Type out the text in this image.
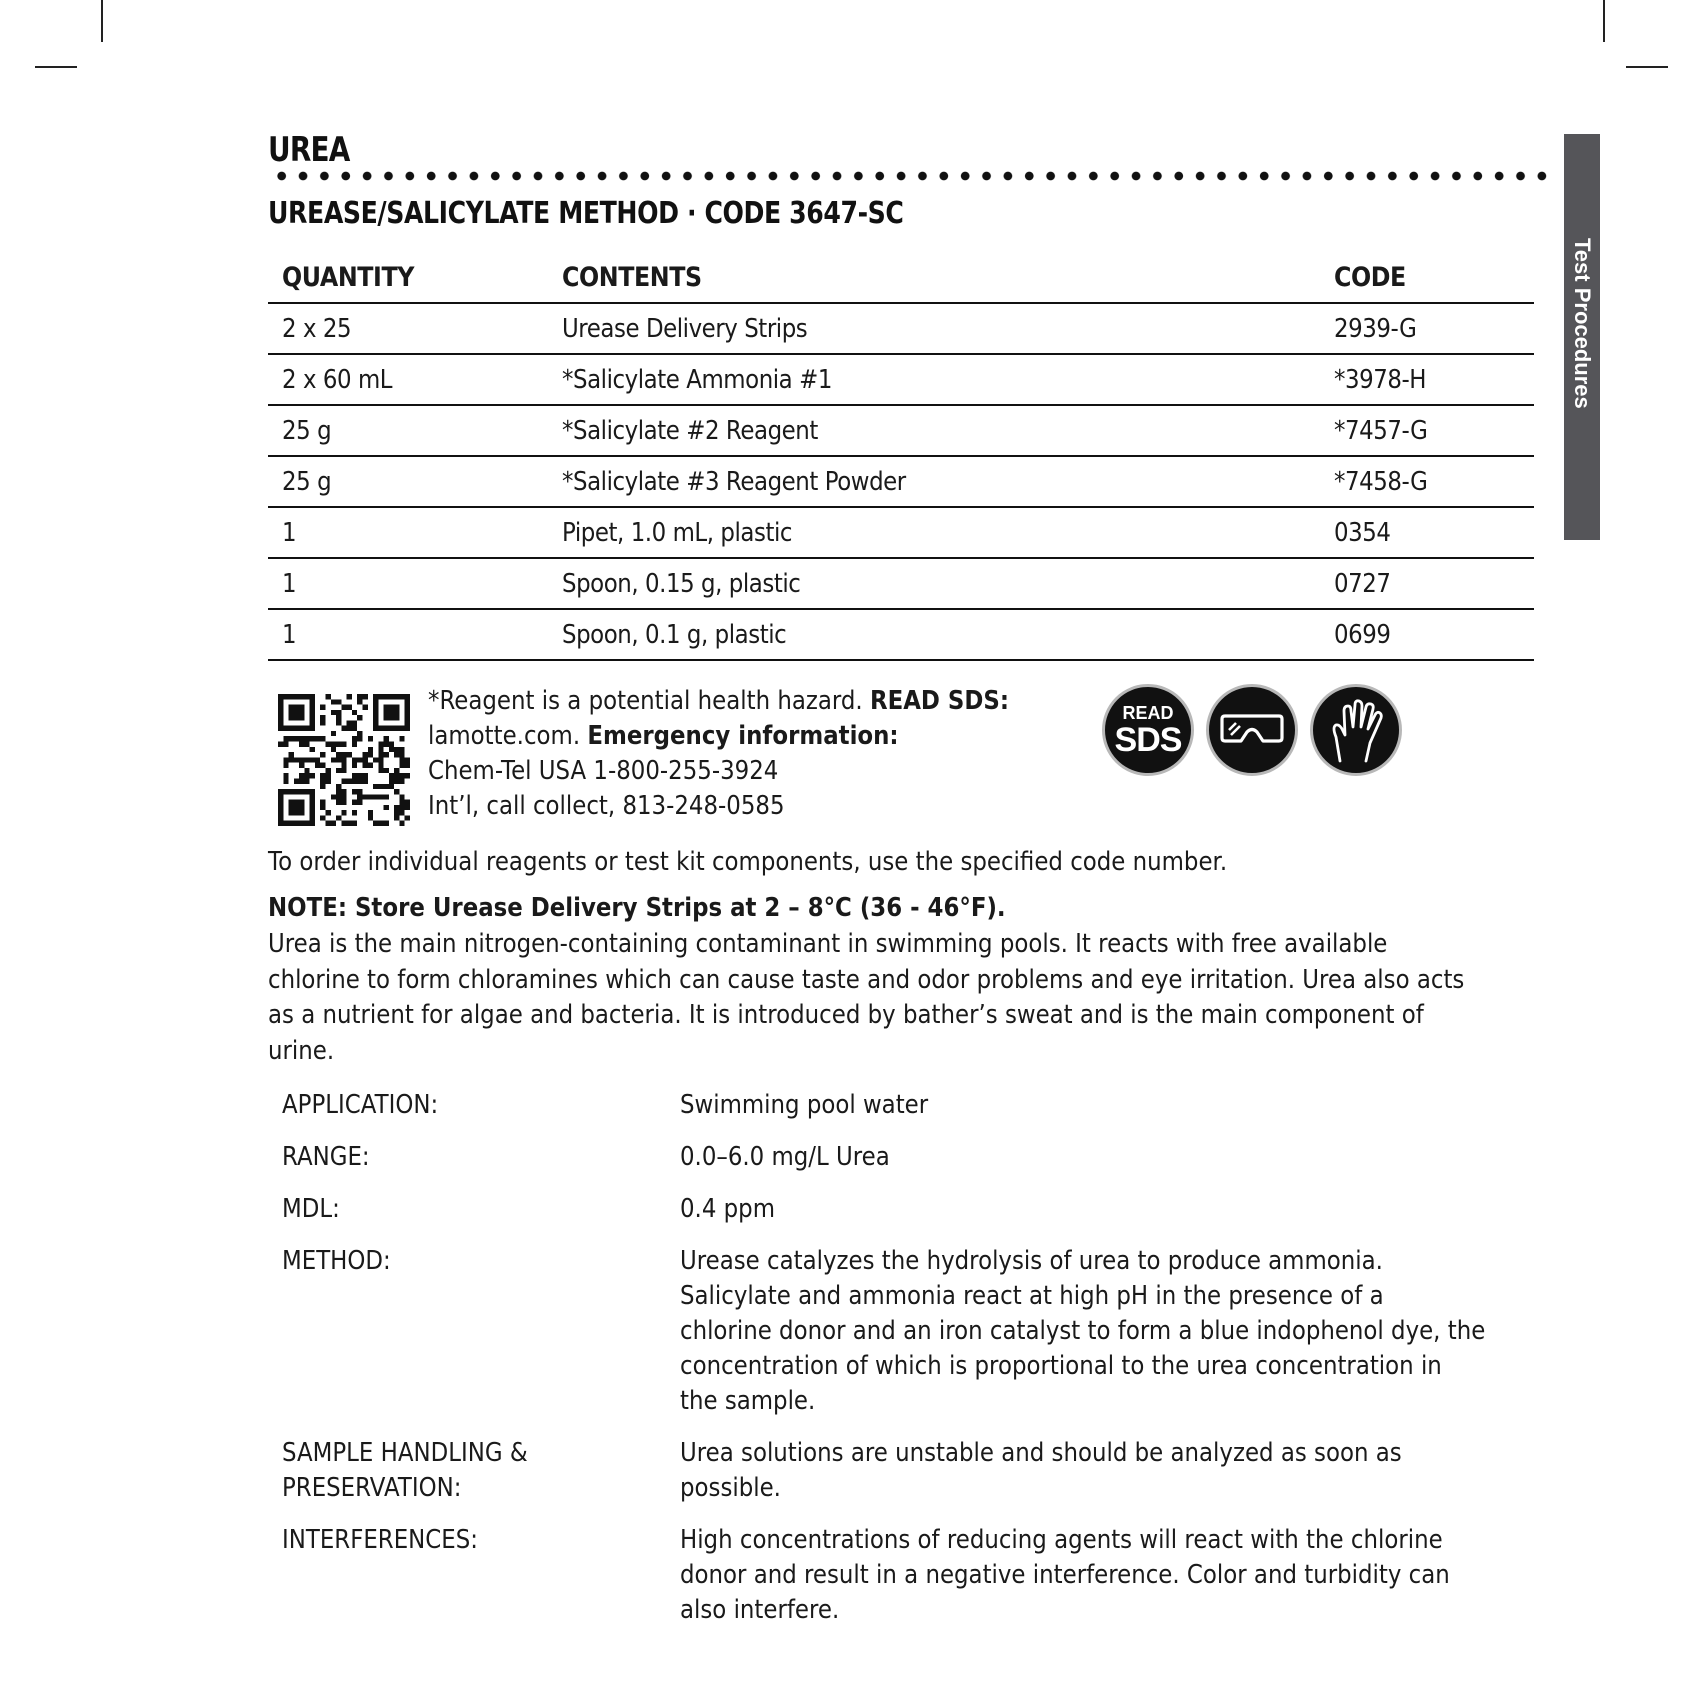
UREA
UREASE/SALICYLATE METHOD · CODE 3647-SC
Test Procedures
QUANTITY	CONTENTS	CODE
2 x 25	Urease Delivery Strips	2939-G
2 x 60 mL	*Salicylate Ammonia #1	*3978-H
25 g	*Salicylate #2 Reagent	*7457-G
25 g	*Salicylate #3 Reagent Powder	*7458-G
1	Pipet, 1.0 mL, plastic	0354
1	Spoon, 0.15 g, plastic	0727
1	Spoon, 0.1 g, plastic	0699
*Reagent is a potential health hazard. READ SDS:
lamotte.com. Emergency information:
Chem-Tel USA 1-800-255-3924
Int’l, call collect, 813-248-0585
READ
SDS
To order individual reagents or test kit components, use the specified code number.
NOTE: Store Urease Delivery Strips at 2 – 8°C (36 - 46°F).
Urea is the main nitrogen-containing contaminant in swimming pools. It reacts with free available
chlorine to form chloramines which can cause taste and odor problems and eye irritation. Urea also acts
as a nutrient for algae and bacteria. It is introduced by bather’s sweat and is the main component of
urine.
APPLICATION:	Swimming pool water
RANGE:	0.0–6.0 mg/L Urea
MDL:	0.4 ppm
METHOD:	Urease catalyzes the hydrolysis of urea to produce ammonia.
Salicylate and ammonia react at high pH in the presence of a
chlorine donor and an iron catalyst to form a blue indophenol dye, the
concentration of which is proportional to the urea concentration in
the sample.
SAMPLE HANDLING &
PRESERVATION:
Urea solutions are unstable and should be analyzed as soon as
possible.
INTERFERENCES:	High concentrations of reducing agents will react with the chlorine
donor and result in a negative interference. Color and turbidity can
also interfere.
